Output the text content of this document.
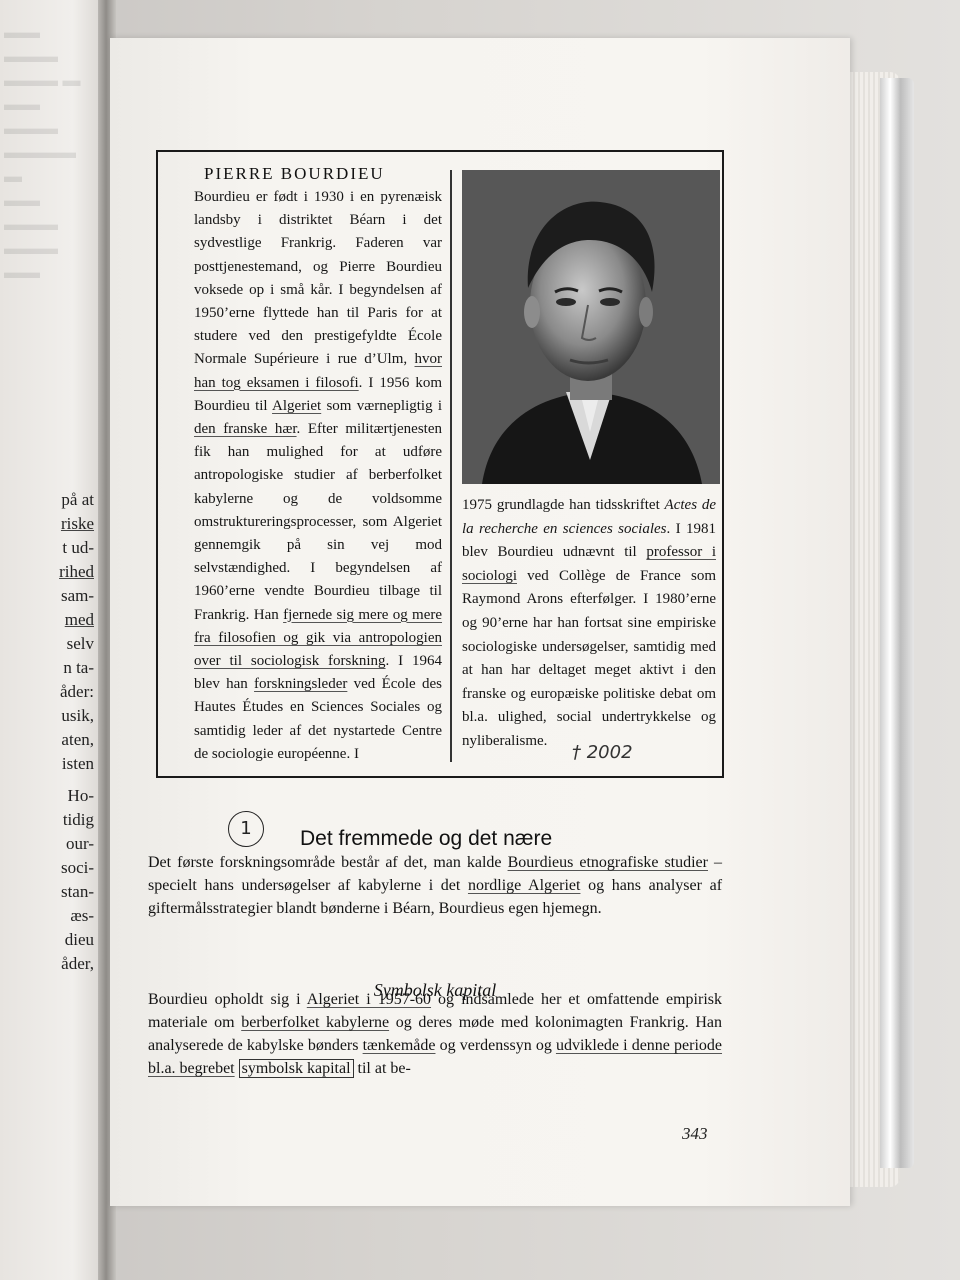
▬▬ ▬▬▬
▬▬▬ ▬
▬▬ ▬▬▬
▬▬▬▬ ▬
▬▬ ▬▬▬
▬▬▬ ▬▬
på at
riske
t ud-
rihed
sam-
med
selv
n ta-
åder:
usik,
aten,
isten
Ho-
tidig
our-
soci-
stan-
æs-
dieu
åder,
PIERRE BOURDIEU

Bourdieu er født i 1930 i en pyrenæisk landsby i distriktet Béarn i det sydvestlige Frankrig. Faderen var posttjenestemand, og Pierre Bourdieu voksede op i små kår. I begyndelsen af 1950’erne flyttede han til Paris for at studere ved den prestigefyldte École Normale Supérieure i rue d’Ulm, hvor han tog eksamen i filosofi. I 1956 kom Bourdieu til Algeriet som værnepligtig i den franske hær. Efter militærtjenesten fik han mulighed for at udføre antropologiske studier af berberfolket kabylerne og de voldsomme omstruktureringsprocesser, som Algeriet gennemgik på sin vej mod selvstændighed. I begyndelsen af 1960’erne vendte Bourdieu tilbage til Frankrig. Han fjernede sig mere og mere fra filosofien og gik via antropologien over til sociologisk forskning. I 1964 blev han forskningsleder ved École des Hautes Études en Sciences Sociales og samtidig leder af det nystartede Centre de sociologie européenne. I

1975 grundlagde han tidsskriftet Actes de la recherche en sciences sociales. I 1981 blev Bourdieu udnævnt til professor i sociologi ved Collège de France som Raymond Arons efterfølger. I 1980’erne og 90’erne har han fortsat sine empiriske sociologiske undersøgelser, samtidig med at han har deltaget meget aktivt i den franske og europæiske politiske debat om bl.a. ulighed, social undertrykkelse og nyliberalisme.

† 2002
1	Det fremmede og det nære

Det første forskningsområde består af det, man kalde Bourdieus etnografiske studier – specielt hans undersøgelser af kabylerne i det nordlige Algeriet og hans analyser af giftermålsstrategier blandt bønderne i Béarn, Bourdieus egen hjemegn.

Symbolsk kapital

Bourdieu opholdt sig i Algeriet i 1957-60 og indsamlede her et omfattende empirisk materiale om berberfolket kabylerne og deres møde med kolonimagten Frankrig. Han analyserede de kabylske bønders tænkemåde og verdenssyn og udviklede i denne periode bl.a. begrebet symbolsk kapital til at be-

343
